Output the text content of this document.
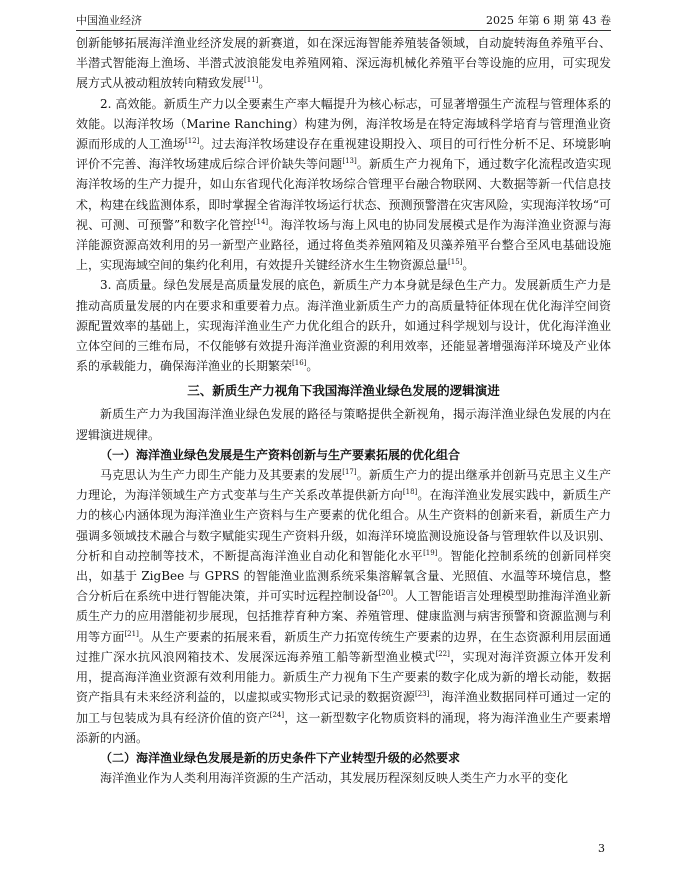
中国渔业经济	2025 年第 6 期 第 43 卷

创新能够拓展海洋渔业经济发展的新赛道，如在深远海智能养殖装备领域，自动旋转海鱼养殖平台、半潜式智能海上渔场、半潜式波浪能发电养殖网箱、深远海机械化养殖平台等设施的应用，可实现发展方式从被动粗放转向精致发展[11]。

2. 高效能。新质生产力以全要素生产率大幅提升为核心标志，可显著增强生产流程与管理体系的效能。以海洋牧场（Marine Ranching）构建为例，海洋牧场是在特定海域科学培育与管理渔业资源而形成的人工渔场[12]。过去海洋牧场建设存在重视建设期投入、项目的可行性分析不足、环境影响评价不完善、海洋牧场建成后综合评价缺失等问题[13]。新质生产力视角下，通过数字化流程改造实现海洋牧场的生产力提升，如山东省现代化海洋牧场综合管理平台融合物联网、大数据等新一代信息技术，构建在线监测体系，即时掌握全省海洋牧场运行状态、预测预警潜在灾害风险，实现海洋牧场“可视、可测、可预警”和数字化管控[14]。海洋牧场与海上风电的协同发展模式是作为海洋渔业资源与海洋能源资源高效利用的另一新型产业路径，通过将鱼类养殖网箱及贝藻养殖平台整合至风电基础设施上，实现海域空间的集约化利用，有效提升关键经济水生生物资源总量[15]。

3. 高质量。绿色发展是高质量发展的底色，新质生产力本身就是绿色生产力。发展新质生产力是推动高质量发展的内在要求和重要着力点。海洋渔业新质生产力的高质量特征体现在优化海洋空间资源配置效率的基础上，实现海洋渔业生产力优化组合的跃升，如通过科学规划与设计，优化海洋渔业立体空间的三维布局，不仅能够有效提升海洋渔业资源的利用效率，还能显著增强海洋环境及产业体系的承载能力，确保海洋渔业的长期繁荣[16]。

三、新质生产力视角下我国海洋渔业绿色发展的逻辑演进

新质生产力为我国海洋渔业绿色发展的路径与策略提供全新视角，揭示海洋渔业绿色发展的内在逻辑演进规律。

（一）海洋渔业绿色发展是生产资料创新与生产要素拓展的优化组合

马克思认为生产力即生产能力及其要素的发展[17]。新质生产力的提出继承并创新马克思主义生产力理论，为海洋领域生产方式变革与生产关系改革提供新方向[18]。在海洋渔业发展实践中，新质生产力的核心内涵体现为海洋渔业生产资料与生产要素的优化组合。从生产资料的创新来看，新质生产力强调多领域技术融合与数字赋能实现生产资料升级，如海洋环境监测设施设备与管理软件以及识别、分析和自动控制等技术，不断提高海洋渔业自动化和智能化水平[19]。智能化控制系统的创新同样突出，如基于 ZigBee 与 GPRS 的智能渔业监测系统采集溶解氧含量、光照值、水温等环境信息，整合分析后在系统中进行智能决策，并可实时远程控制设备[20]。人工智能语言处理模型助推海洋渔业新质生产力的应用潜能初步展现，包括推荐育种方案、养殖管理、健康监测与病害预警和资源监测与利用等方面[21]。从生产要素的拓展来看，新质生产力拓宽传统生产要素的边界，在生态资源利用层面通过推广深水抗风浪网箱技术、发展深远海养殖工船等新型渔业模式[22]，实现对海洋资源立体开发利用，提高海洋渔业资源有效利用能力。新质生产力视角下生产要素的数字化成为新的增长动能，数据资产指具有未来经济利益的，以虚拟或实物形式记录的数据资源[23]，海洋渔业数据同样可通过一定的加工与包装成为具有经济价值的资产[24]，这一新型数字化物质资料的涌现，将为海洋渔业生产要素增添新的内涵。

（二）海洋渔业绿色发展是新的历史条件下产业转型升级的必然要求

海洋渔业作为人类利用海洋资源的生产活动，其发展历程深刻反映人类生产力水平的变化

3
